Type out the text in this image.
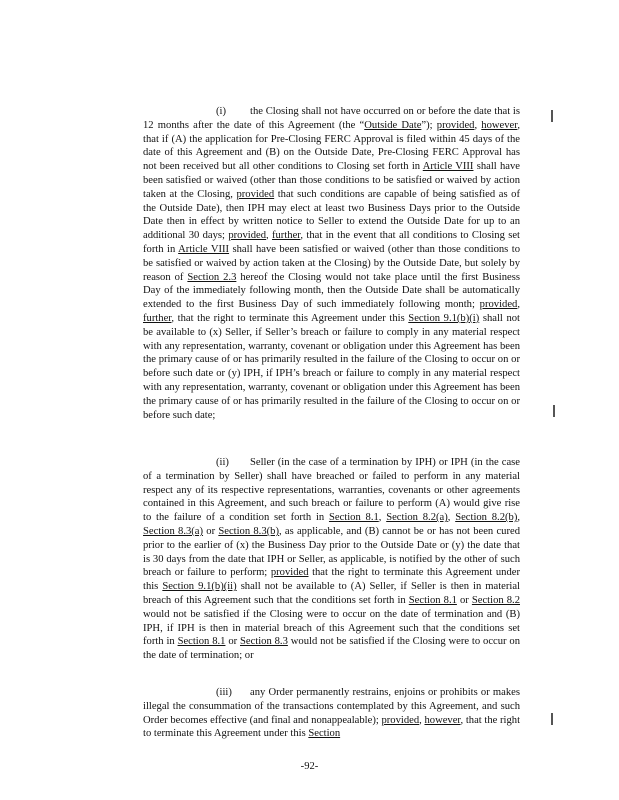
(i) the Closing shall not have occurred on or before the date that is 12 months after the date of this Agreement (the “Outside Date”); provided, however, that if (A) the application for Pre-Closing FERC Approval is filed within 45 days of the date of this Agreement and (B) on the Outside Date, Pre-Closing FERC Approval has not been received but all other conditions to Closing set forth in Article VIII shall have been satisfied or waived (other than those conditions to be satisfied or waived by action taken at the Closing, provided that such conditions are capable of being satisfied as of the Outside Date), then IPH may elect at least two Business Days prior to the Outside Date then in effect by written notice to Seller to extend the Outside Date for up to an additional 30 days; provided, further, that in the event that all conditions to Closing set forth in Article VIII shall have been satisfied or waived (other than those conditions to be satisfied or waived by action taken at the Closing) by the Outside Date, but solely by reason of Section 2.3 hereof the Closing would not take place until the first Business Day of the immediately following month, then the Outside Date shall be automatically extended to the first Business Day of such immediately following month; provided, further, that the right to terminate this Agreement under this Section 9.1(b)(i) shall not be available to (x) Seller, if Seller’s breach or failure to comply in any material respect with any representation, warranty, covenant or obligation under this Agreement has been the primary cause of or has primarily resulted in the failure of the Closing to occur on or before such date or (y) IPH, if IPH’s breach or failure to comply in any material respect with any representation, warranty, covenant or obligation under this Agreement has been the primary cause of or has primarily resulted in the failure of the Closing to occur on or before such date;
(ii) Seller (in the case of a termination by IPH) or IPH (in the case of a termination by Seller) shall have breached or failed to perform in any material respect any of its respective representations, warranties, covenants or other agreements contained in this Agreement, and such breach or failure to perform (A) would give rise to the failure of a condition set forth in Section 8.1, Section 8.2(a), Section 8.2(b), Section 8.3(a) or Section 8.3(b), as applicable, and (B) cannot be or has not been cured prior to the earlier of (x) the Business Day prior to the Outside Date or (y) the date that is 30 days from the date that IPH or Seller, as applicable, is notified by the other of such breach or failure to perform; provided that the right to terminate this Agreement under this Section 9.1(b)(ii) shall not be available to (A) Seller, if Seller is then in material breach of this Agreement such that the conditions set forth in Section 8.1 or Section 8.2 would not be satisfied if the Closing were to occur on the date of termination and (B) IPH, if IPH is then in material breach of this Agreement such that the conditions set forth in Section 8.1 or Section 8.3 would not be satisfied if the Closing were to occur on the date of termination; or
(iii) any Order permanently restrains, enjoins or prohibits or makes illegal the consummation of the transactions contemplated by this Agreement, and such Order becomes effective (and final and nonappealable); provided, however, that the right to terminate this Agreement under this Section
-92-
